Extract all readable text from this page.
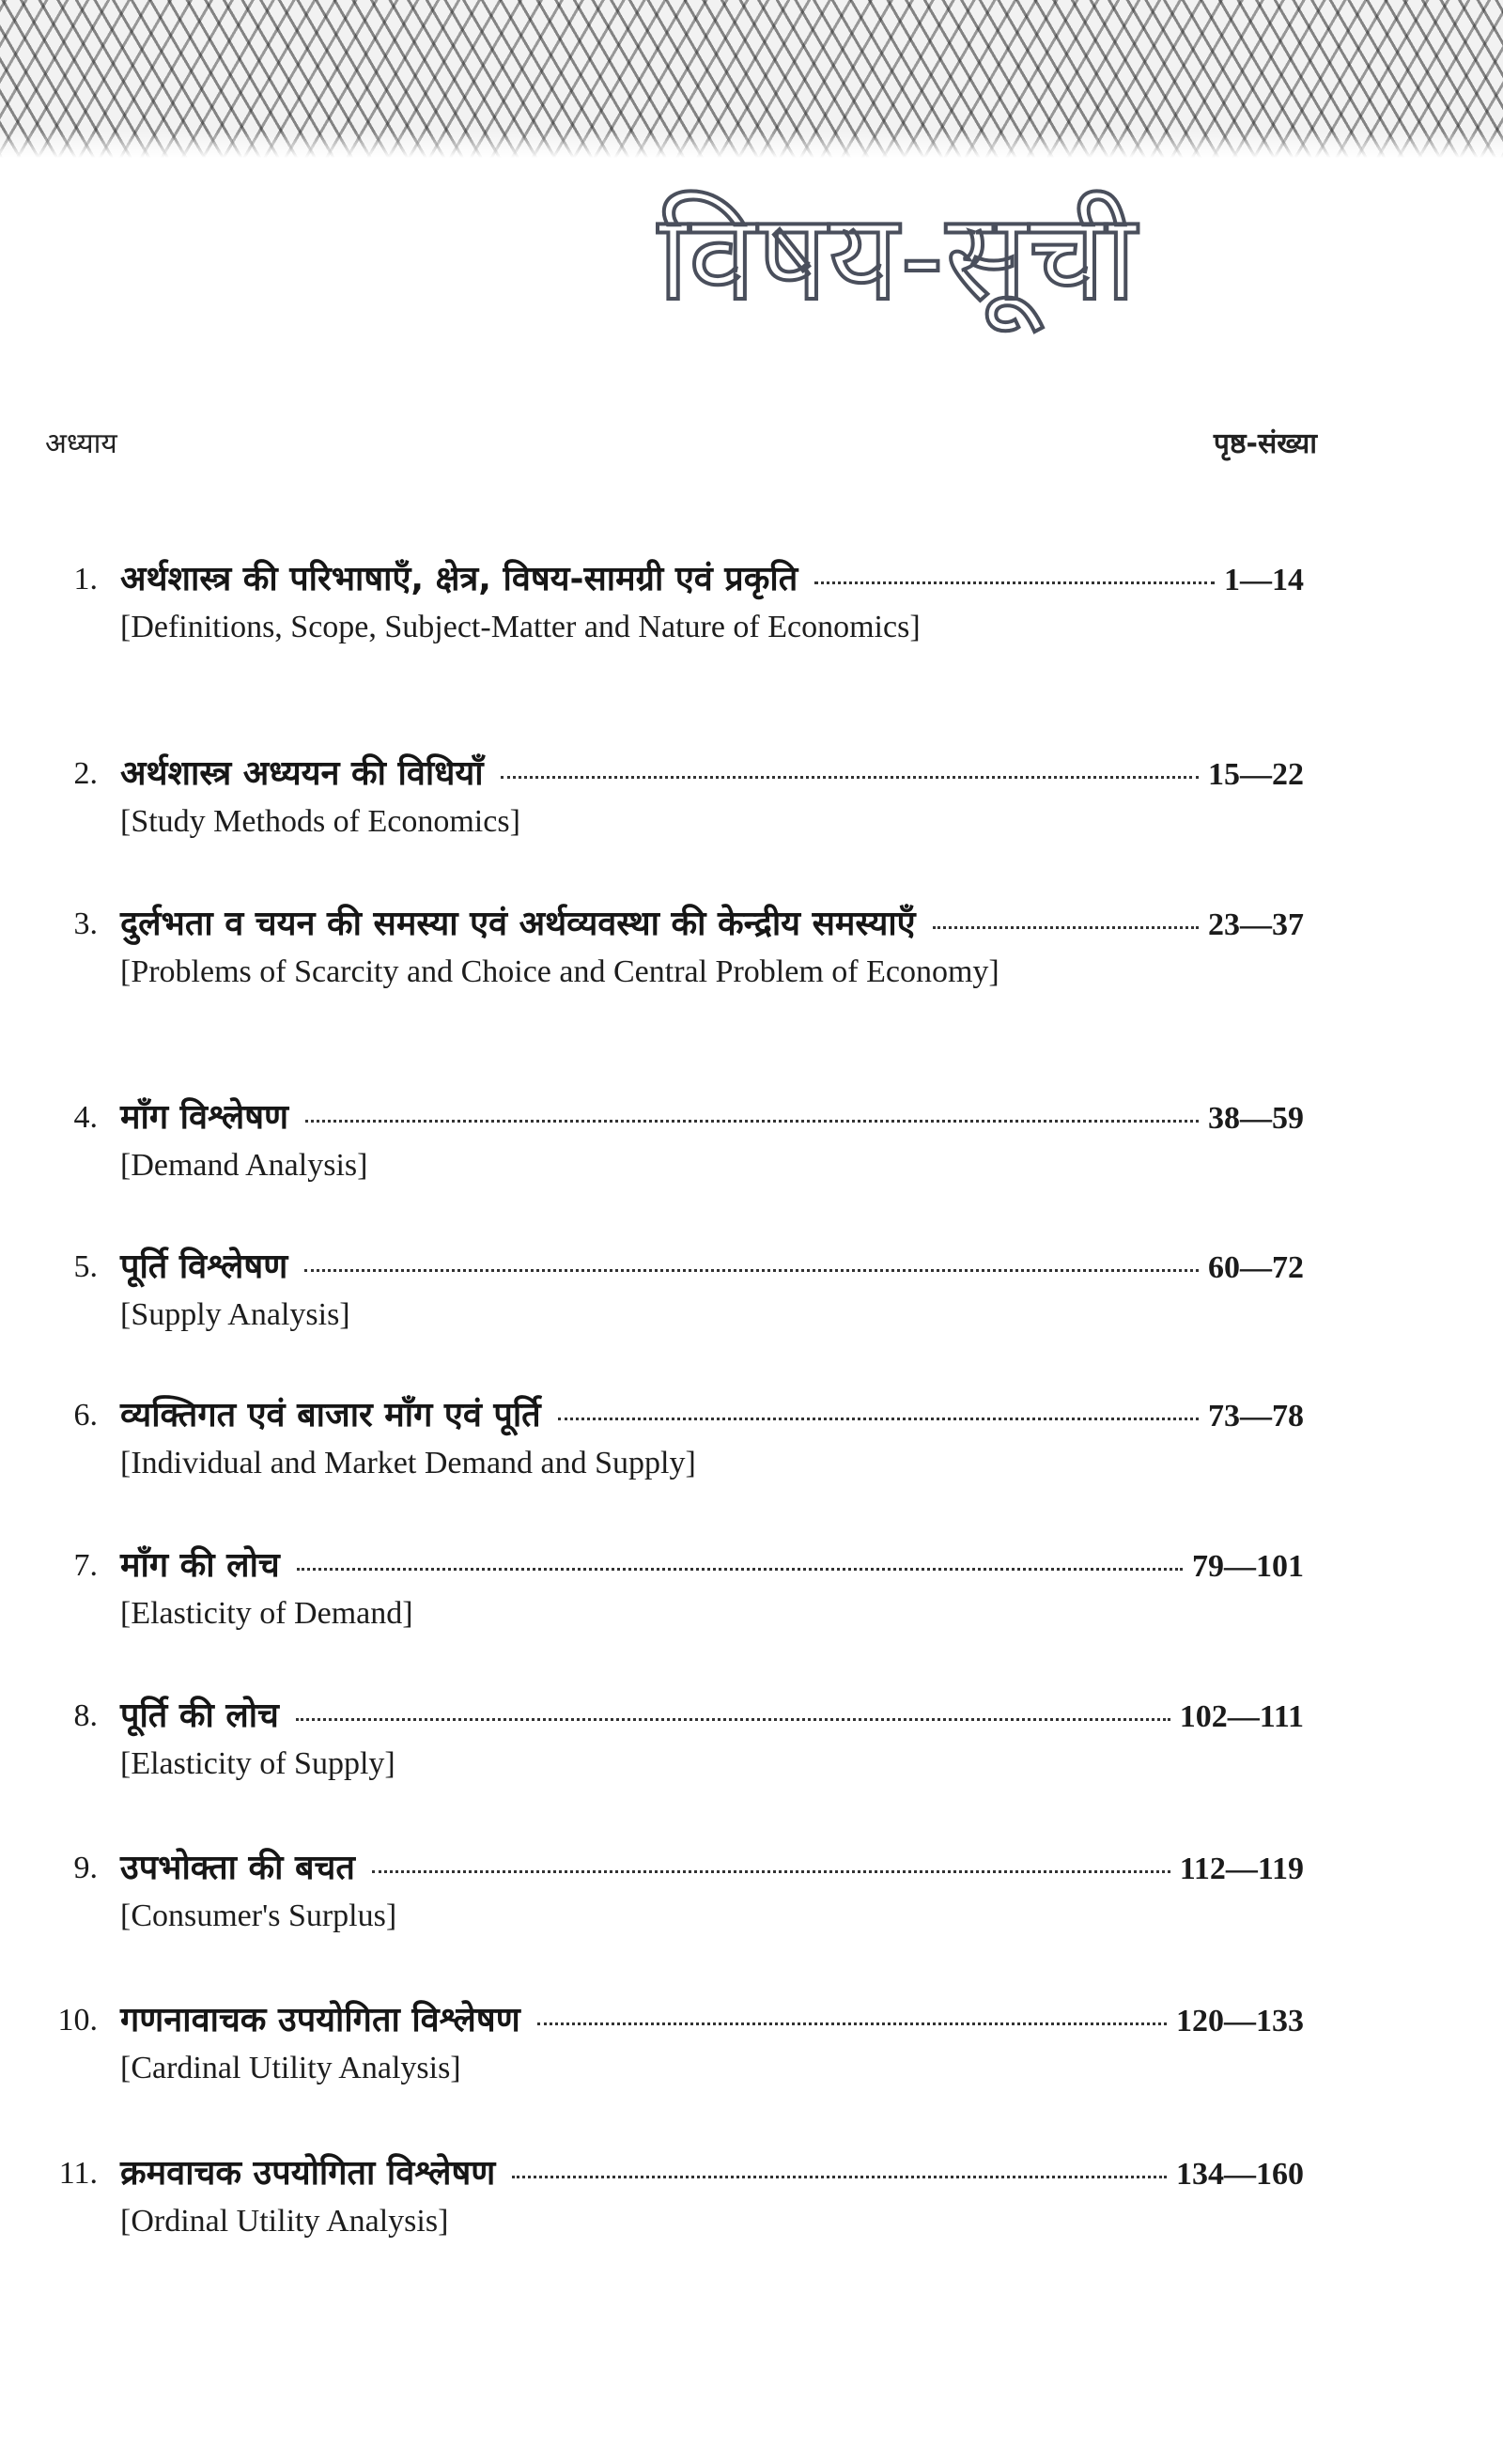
विषय-सूची
अध्याय	पृष्ठ-संख्या
1. अर्थशास्त्र की परिभाषाएँ, क्षेत्र, विषय-सामग्री एवं प्रकृति	1—14
[Definitions, Scope, Subject-Matter and Nature of Economics]
2. अर्थशास्त्र अध्ययन की विधियाँ	15—22
[Study Methods of Economics]
3. दुर्लभता व चयन की समस्या एवं अर्थव्यवस्था की केन्द्रीय समस्याएँ	23—37
[Problems of Scarcity and Choice and Central Problem of Economy]
4. माँग विश्लेषण	38—59
[Demand Analysis]
5. पूर्ति विश्लेषण	60—72
[Supply Analysis]
6. व्यक्तिगत एवं बाजार माँग एवं पूर्ति	73—78
[Individual and Market Demand and Supply]
7. माँग की लोच	79—101
[Elasticity of Demand]
8. पूर्ति की लोच	102—111
[Elasticity of Supply]
9. उपभोक्ता की बचत	112—119
[Consumer's Surplus]
10. गणनावाचक उपयोगिता विश्लेषण	120—133
[Cardinal Utility Analysis]
11. क्रमवाचक उपयोगिता विश्लेषण	134—160
[Ordinal Utility Analysis]
